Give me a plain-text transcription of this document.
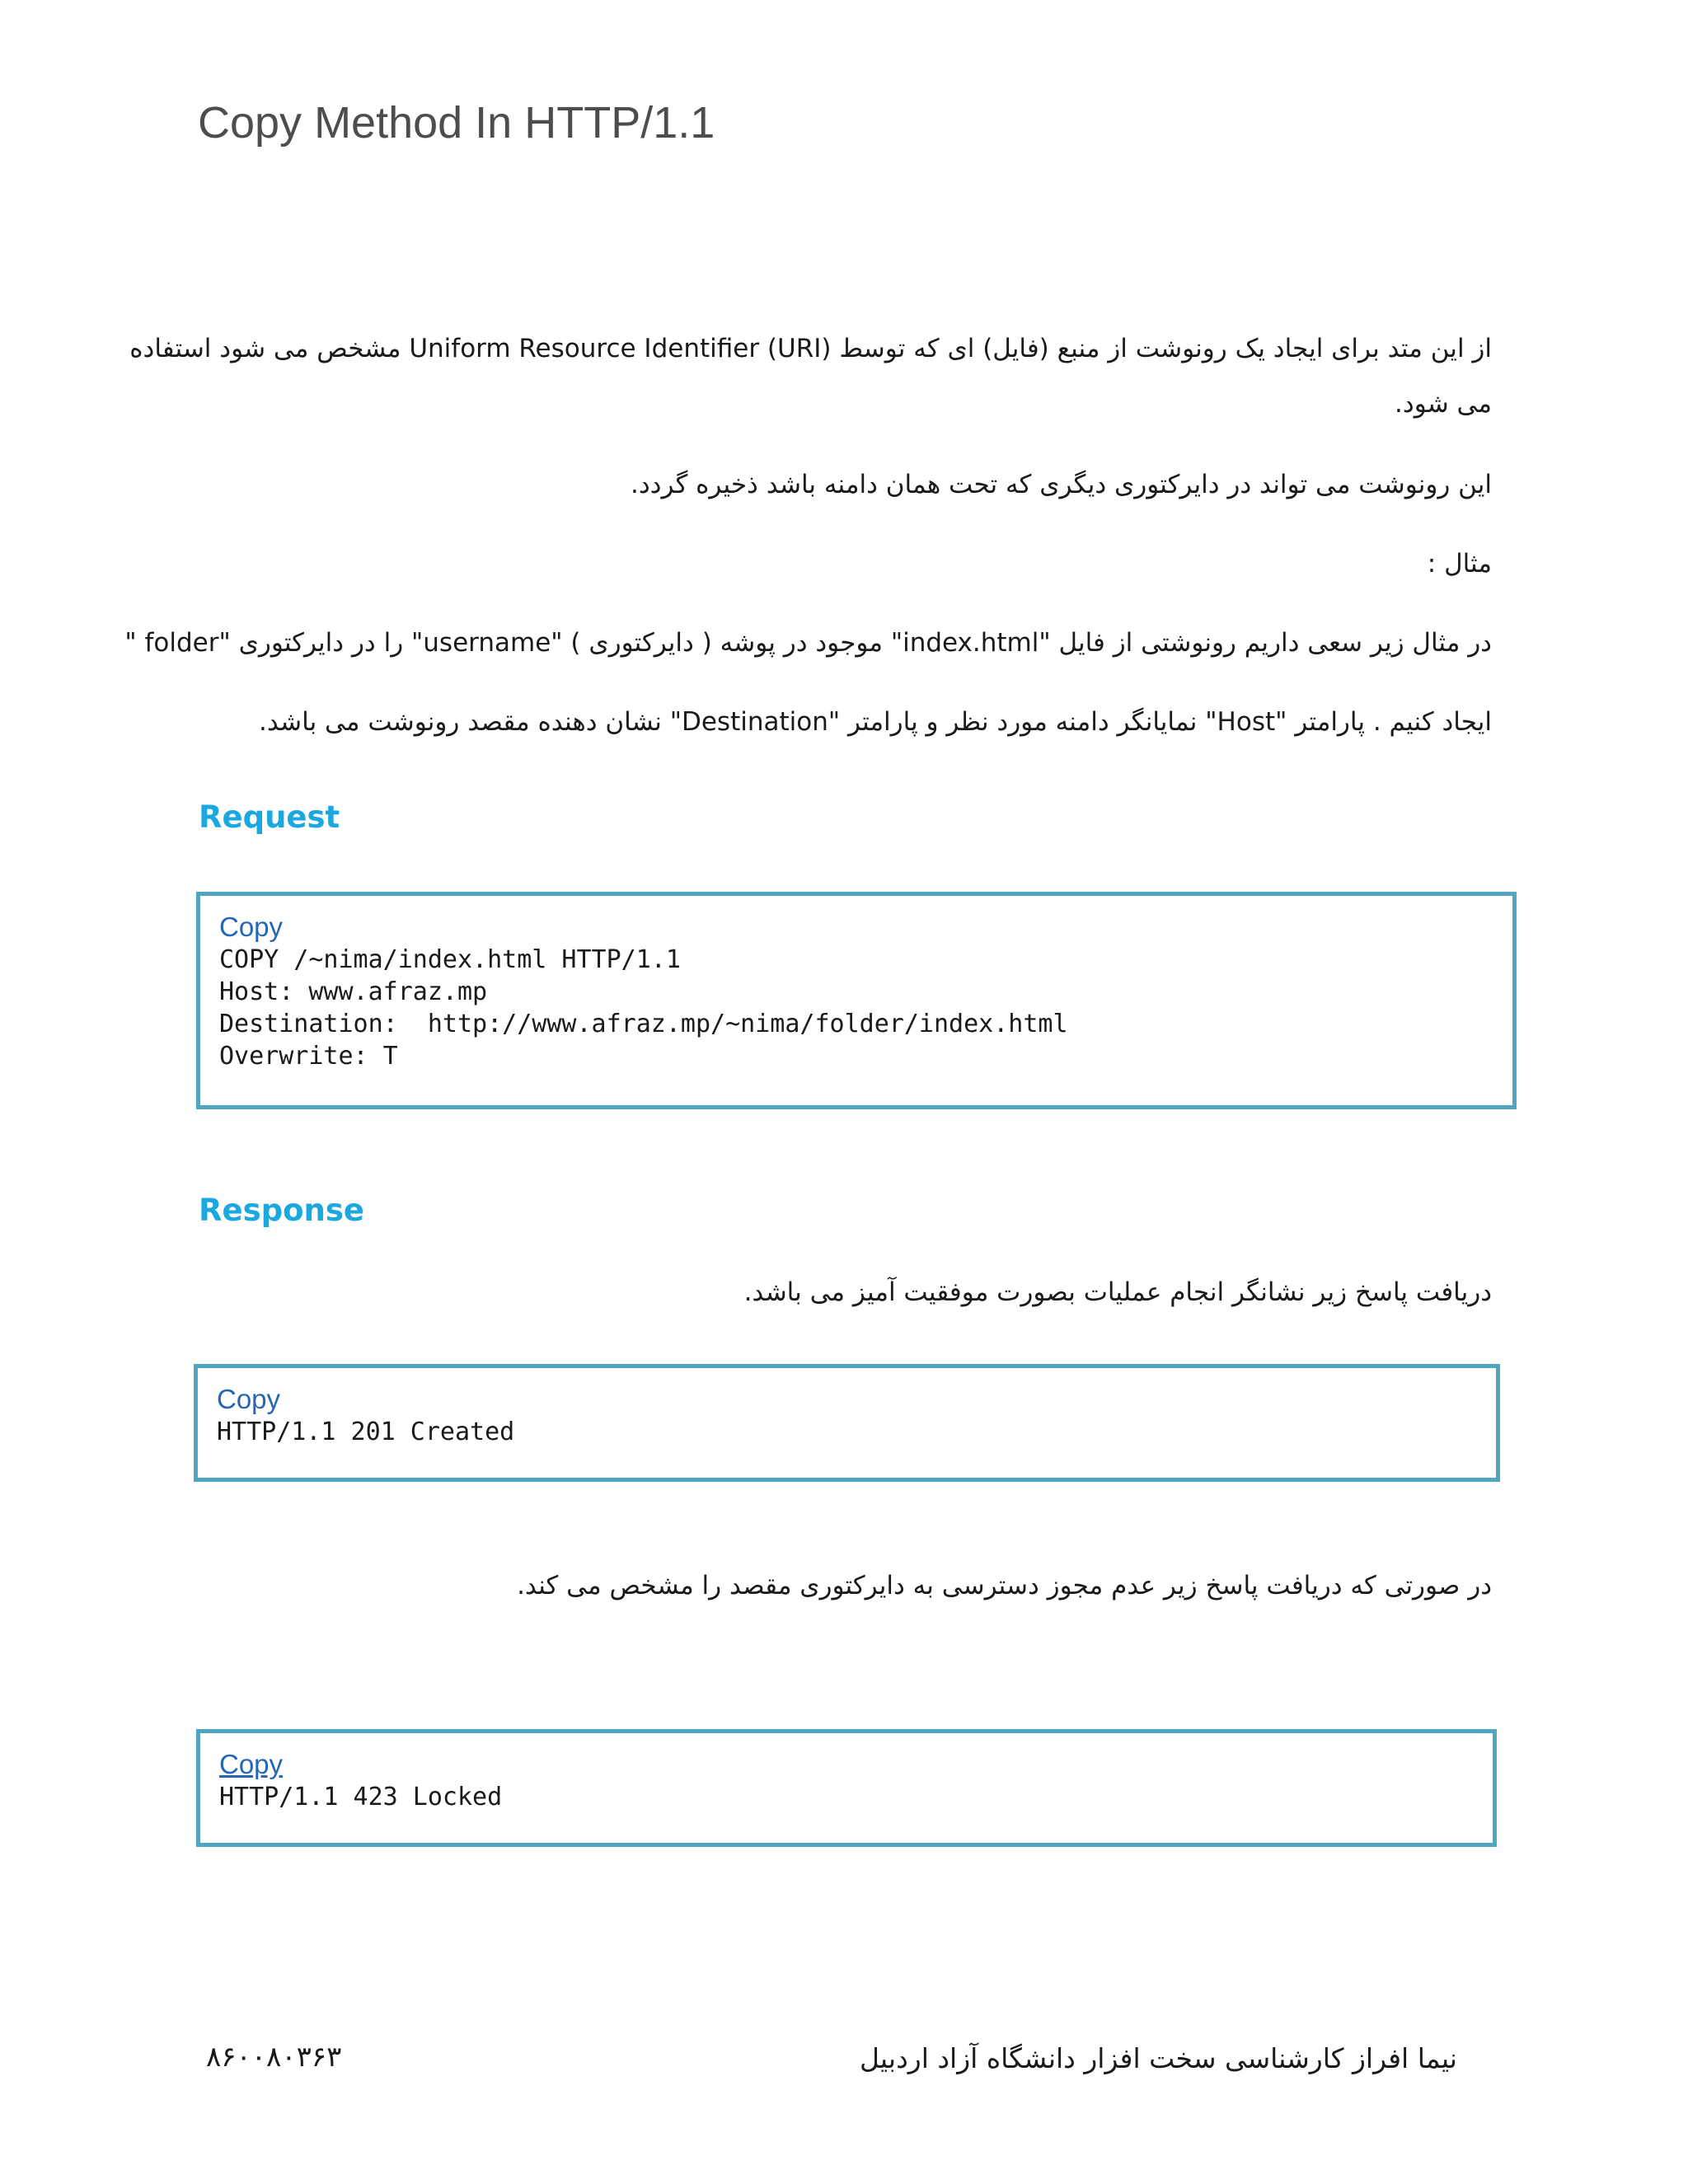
Copy Method In HTTP/1.1
از این متد برای ایجاد یک رونوشت از منبع (فایل) ای که توسط Uniform Resource Identifier (URI) مشخص می شود استفاده
می شود.
این رونوشت می تواند در دایرکتوری دیگری که تحت همان دامنه باشد ذخیره گردد.
مثال :
در مثال زیر سعی داریم رونوشتی از فایل "index.html" موجود در پوشه ( دایرکتوری ) "username" را در دایرکتوری "folder "
ایجاد کنیم . پارامتر "Host" نمایانگر دامنه مورد نظر و پارامتر "Destination" نشان دهنده مقصد رونوشت می باشد.
Request
Copy
COPY /~nima/index.html HTTP/1.1
Host: www.afraz.mp
Destination:  http://www.afraz.mp/~nima/folder/index.html
Overwrite: T
Response
دریافت پاسخ زیر نشانگر انجام عملیات بصورت موفقیت آمیز می باشد.
Copy
HTTP/1.1 201 Created
در صورتی که دریافت پاسخ زیر عدم مجوز دسترسی به دایرکتوری مقصد را مشخص می کند.
Copy
HTTP/1.1 423 Locked
نیما افراز کارشناسی سخت افزار دانشگاه آزاد اردبیل
۸۶۰۰۸۰۳۶۳
